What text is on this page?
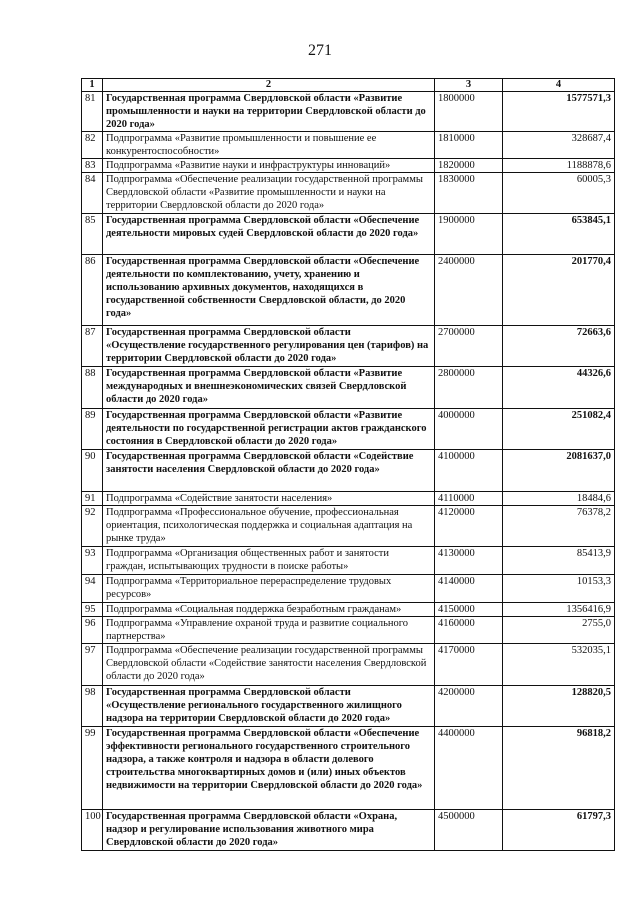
271
1	2	3	4
81	Государственная программа Свердловской области «Развитие промышленности и науки на территории Свердловской области до 2020 года»	1800000	1577571,3
82	Подпрограмма «Развитие промышленности и повышение ее конкурентоспособности»	1810000	328687,4
83	Подпрограмма «Развитие науки и инфраструктуры инноваций»	1820000	1188878,6
84	Подпрограмма «Обеспечение реализации государственной программы Свердловской области «Развитие промышленности и науки на территории Свердловской области до 2020 года»	1830000	60005,3
85	Государственная программа Свердловской области «Обеспечение деятельности мировых судей Свердловской области до 2020 года»	1900000	653845,1
86	Государственная программа Свердловской области «Обеспечение деятельности по комплектованию, учету, хранению и использованию архивных документов, находящихся в государственной собственности Свердловской области, до 2020 года»	2400000	201770,4
87	Государственная программа Свердловской области «Осуществление государственного регулирования цен (тарифов) на территории Свердловской области до 2020 года»	2700000	72663,6
88	Государственная программа Свердловской области «Развитие международных и внешнеэкономических связей Свердловской области до 2020 года»	2800000	44326,6
89	Государственная программа Свердловской области «Развитие деятельности по государственной регистрации актов гражданского состояния в Свердловской области до 2020 года»	4000000	251082,4
90	Государственная программа Свердловской области «Содействие занятости населения Свердловской области до 2020 года»	4100000	2081637,0
91	Подпрограмма «Содействие занятости населения»	4110000	18484,6
92	Подпрограмма «Профессиональное обучение, профессиональная ориентация, психологическая поддержка и социальная адаптация на рынке труда»	4120000	76378,2
93	Подпрограмма «Организация общественных работ и занятости граждан, испытывающих трудности в поиске работы»	4130000	85413,9
94	Подпрограмма «Территориальное перераспределение трудовых ресурсов»	4140000	10153,3
95	Подпрограмма «Социальная поддержка безработным гражданам»	4150000	1356416,9
96	Подпрограмма «Управление охраной труда и развитие социального партнерства»	4160000	2755,0
97	Подпрограмма «Обеспечение реализации государственной программы Свердловской области «Содействие занятости населения Свердловской области до 2020 года»	4170000	532035,1
98	Государственная программа Свердловской области «Осуществление регионального государственного жилищного надзора на территории Свердловской области до 2020 года»	4200000	128820,5
99	Государственная программа Свердловской области «Обеспечение эффективности регионального государственного строительного надзора, а также контроля и надзора в области долевого строительства многоквартирных домов и (или) иных объектов недвижимости на территории Свердловской области до 2020 года»	4400000	96818,2
100	Государственная программа Свердловской области «Охрана, надзор и регулирование использования животного мира Свердловской области до 2020 года»	4500000	61797,3
